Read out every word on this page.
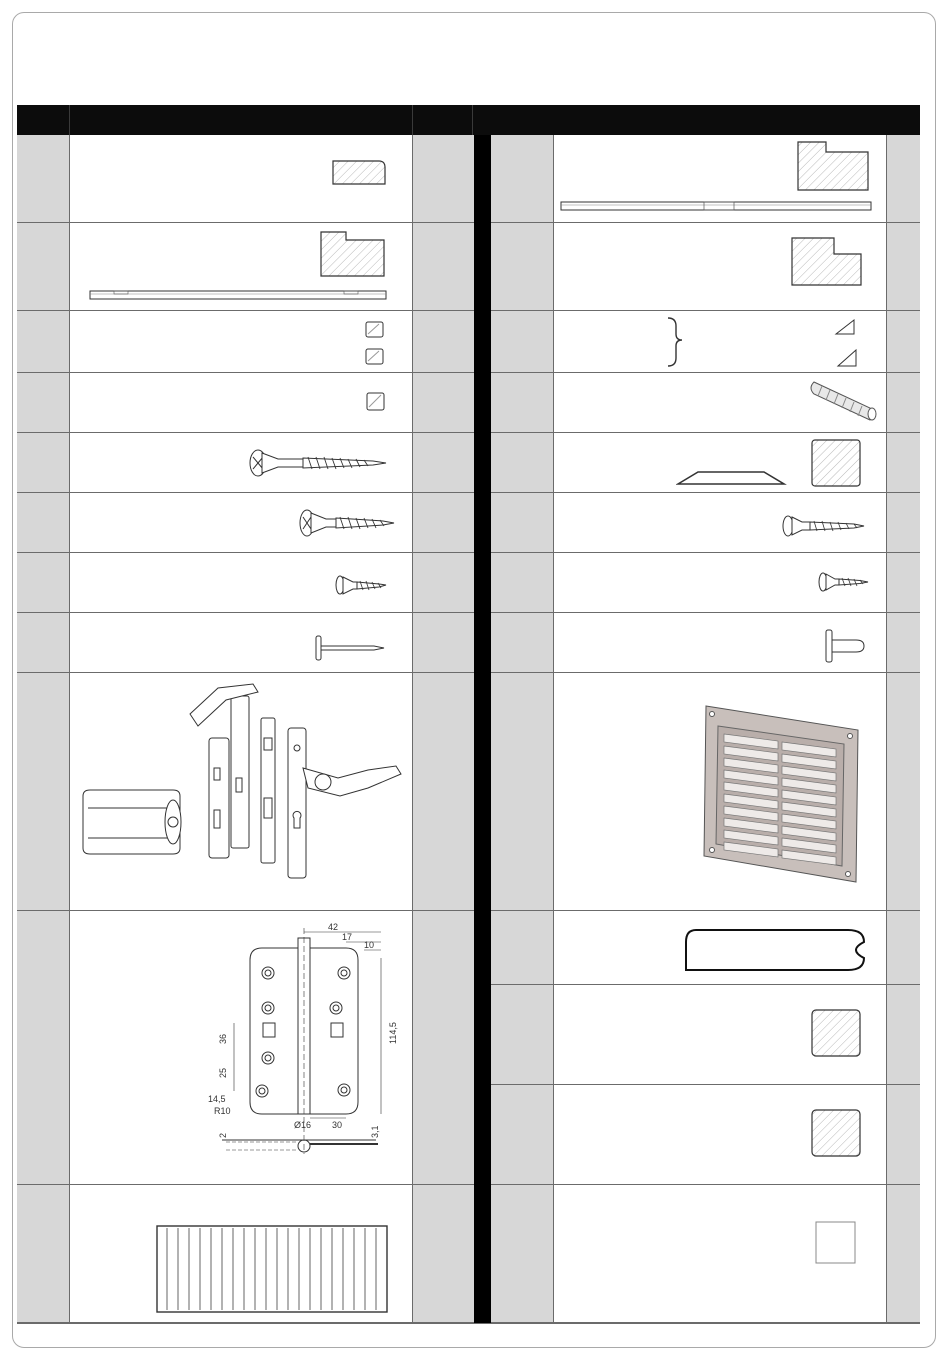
42
17
10
36	114,5
25
14,5
R10
Ø16 30
2	3,1
